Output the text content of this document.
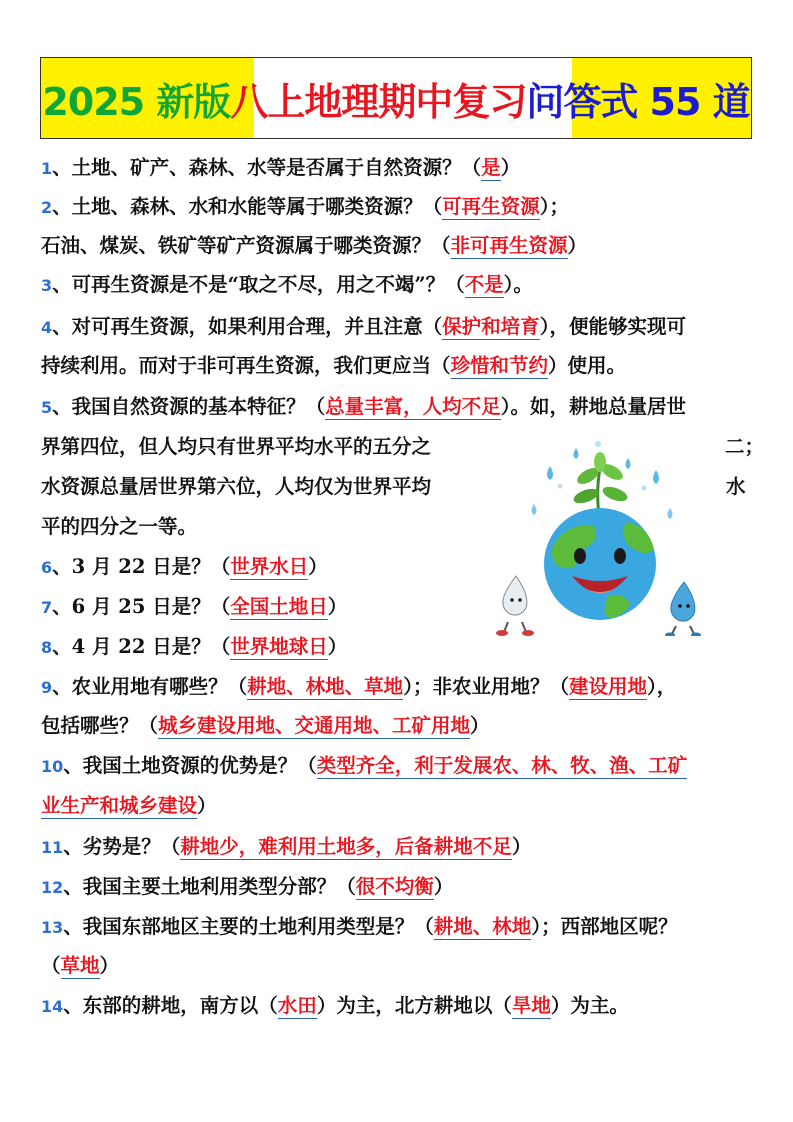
2025 新版 八上地理期中复习 问答式 55 道
1、土地、矿产、森林、水等是否属于自然资源？（是）
2、土地、森林、水和水能等属于哪类资源？（可再生资源）；
石油、煤炭、铁矿等矿产资源属于哪类资源？（非可再生资源）
3、可再生资源是不是“取之不尽，用之不竭”？（不是）。
4、对可再生资源，如果利用合理，并且注意（保护和培育），便能够实现可
持续利用。而对于非可再生资源，我们更应当（珍惜和节约）使用。
5、我国自然资源的基本特征？（总量丰富，人均不足）。如，耕地总量居世
界第四位，但人均只有世界平均水平的五分之
水资源总量居世界第六位，人均仅为世界平均
平的四分之一等。
6、3 月 22 日是？（世界水日）
7、6 月 25 日是？（全国土地日）
8、4 月 22 日是？（世界地球日）
9、农业用地有哪些？（耕地、林地、草地）；非农业用地？（建设用地），
包括哪些？（城乡建设用地、交通用地、工矿用地）
10、我国土地资源的优势是？（类型齐全，利于发展农、林、牧、渔、工矿
业生产和城乡建设）
11、劣势是？（耕地少，难利用土地多，后备耕地不足）
12、我国主要土地利用类型分部？（很不均衡）
13、我国东部地区主要的土地利用类型是？（耕地、林地）；西部地区呢？
（草地）
14、东部的耕地，南方以（水田）为主，北方耕地以（旱地）为主。
二；
水
